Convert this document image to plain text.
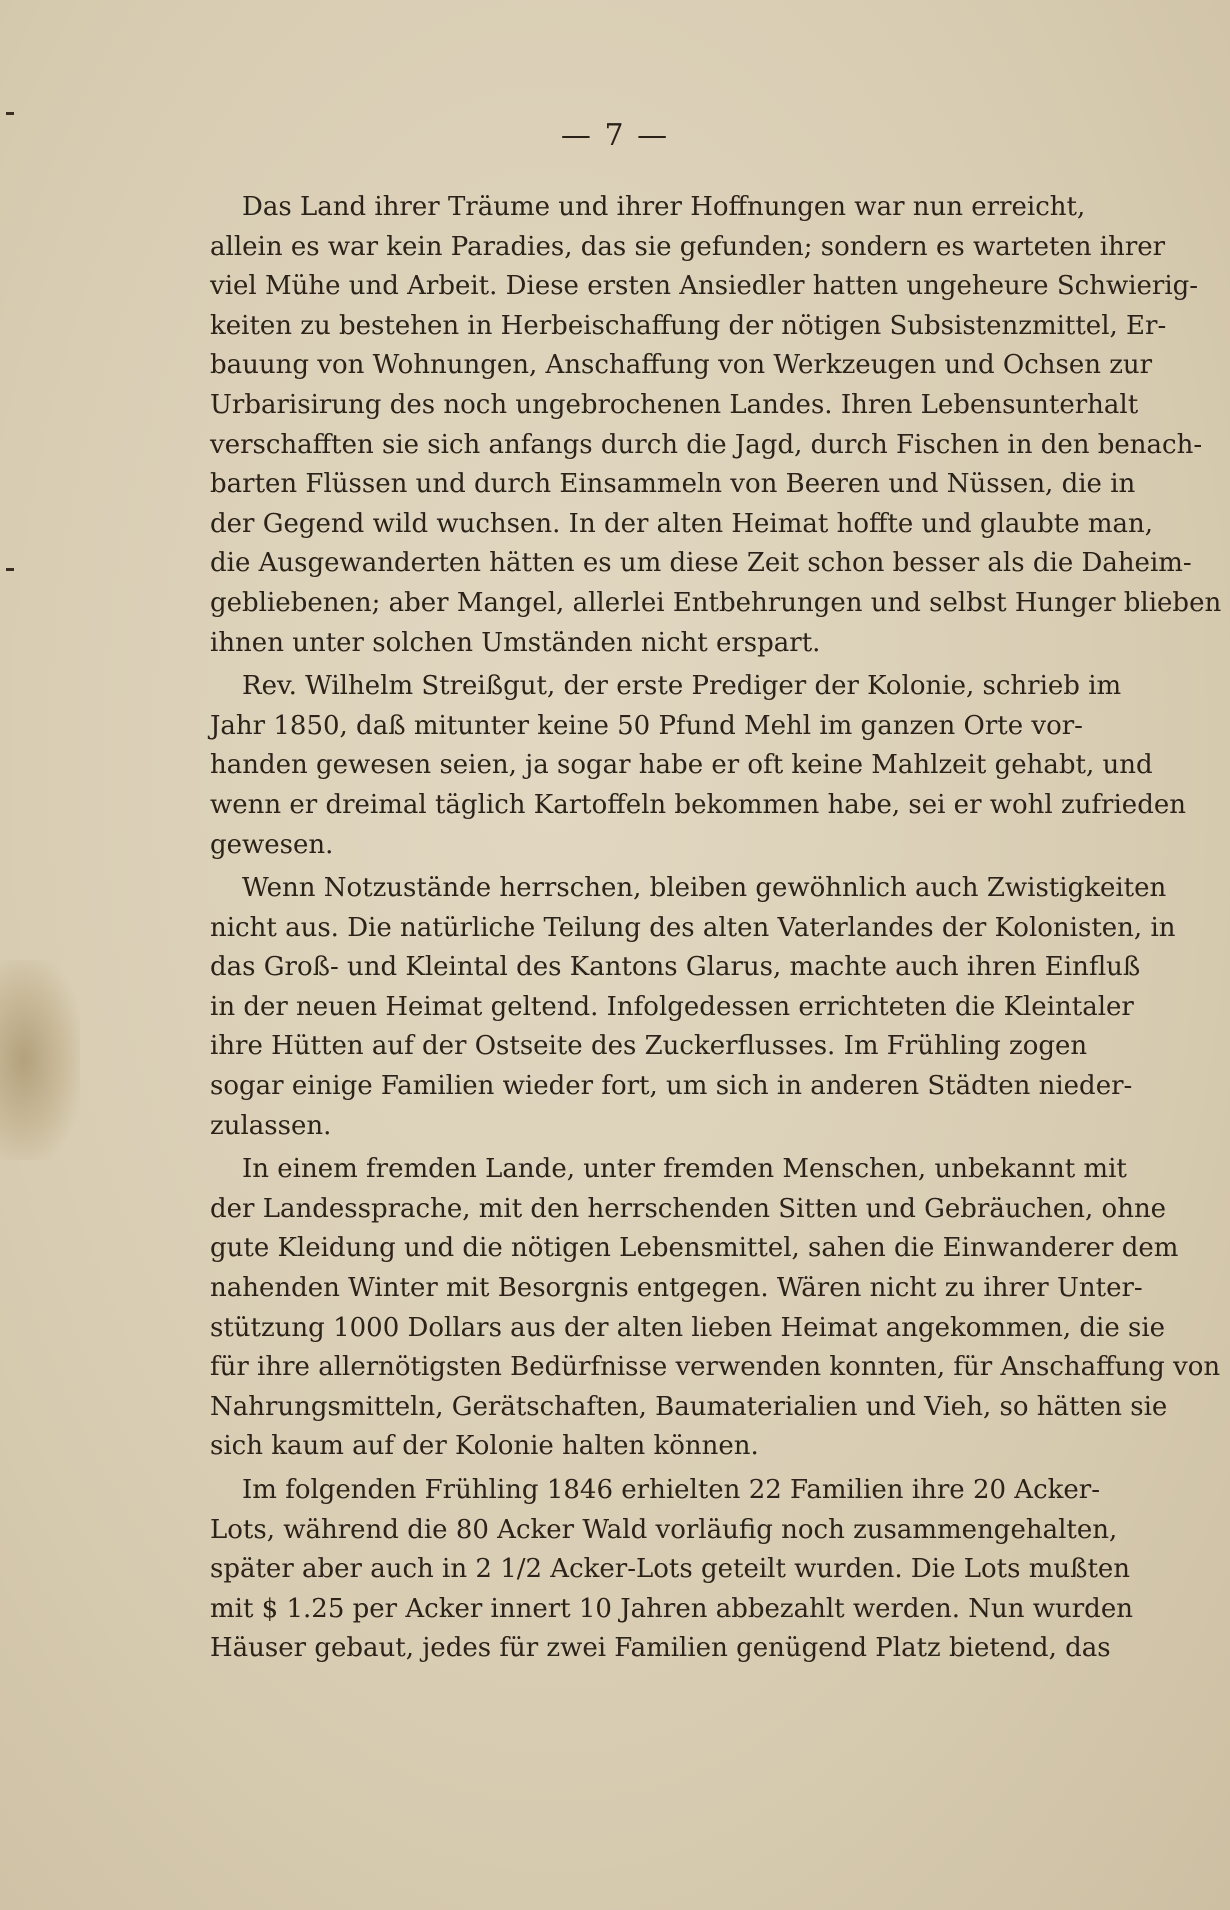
— 7 —

Das Land ihrer Träume und ihrer Hoffnungen war nun erreicht,
allein es war kein Paradies, das sie gefunden; sondern es warteten ihrer
viel Mühe und Arbeit. Diese ersten Ansiedler hatten ungeheure Schwierig-
keiten zu bestehen in Herbeischaffung der nötigen Subsistenzmittel, Er-
bauung von Wohnungen, Anschaffung von Werkzeugen und Ochsen zur
Urbarisirung des noch ungebrochenen Landes. Ihren Lebensunterhalt
verschafften sie sich anfangs durch die Jagd, durch Fischen in den benach-
barten Flüssen und durch Einsammeln von Beeren und Nüssen, die in
der Gegend wild wuchsen. In der alten Heimat hoffte und glaubte man,
die Ausgewanderten hätten es um diese Zeit schon besser als die Daheim-
gebliebenen; aber Mangel, allerlei Entbehrungen und selbst Hunger blieben
ihnen unter solchen Umständen nicht erspart.

Rev. Wilhelm Streißgut, der erste Prediger der Kolonie, schrieb im
Jahr 1850, daß mitunter keine 50 Pfund Mehl im ganzen Orte vor-
handen gewesen seien, ja sogar habe er oft keine Mahlzeit gehabt, und
wenn er dreimal täglich Kartoffeln bekommen habe, sei er wohl zufrieden
gewesen.

Wenn Notzustände herrschen, bleiben gewöhnlich auch Zwistigkeiten
nicht aus. Die natürliche Teilung des alten Vaterlandes der Kolonisten, in
das Groß- und Kleintal des Kantons Glarus, machte auch ihren Einfluß
in der neuen Heimat geltend. Infolgedessen errichteten die Kleintaler
ihre Hütten auf der Ostseite des Zuckerflusses. Im Frühling zogen
sogar einige Familien wieder fort, um sich in anderen Städten nieder-
zulassen.

In einem fremden Lande, unter fremden Menschen, unbekannt mit
der Landessprache, mit den herrschenden Sitten und Gebräuchen, ohne
gute Kleidung und die nötigen Lebensmittel, sahen die Einwanderer dem
nahenden Winter mit Besorgnis entgegen. Wären nicht zu ihrer Unter-
stützung 1000 Dollars aus der alten lieben Heimat angekommen, die sie
für ihre allernötigsten Bedürfnisse verwenden konnten, für Anschaffung von
Nahrungsmitteln, Gerätschaften, Baumaterialien und Vieh, so hätten sie
sich kaum auf der Kolonie halten können.

Im folgenden Frühling 1846 erhielten 22 Familien ihre 20 Acker-
Lots, während die 80 Acker Wald vorläufig noch zusammengehalten,
später aber auch in 2 1/2 Acker-Lots geteilt wurden. Die Lots mußten
mit $ 1.25 per Acker innert 10 Jahren abbezahlt werden. Nun wurden
Häuser gebaut, jedes für zwei Familien genügend Platz bietend, das
